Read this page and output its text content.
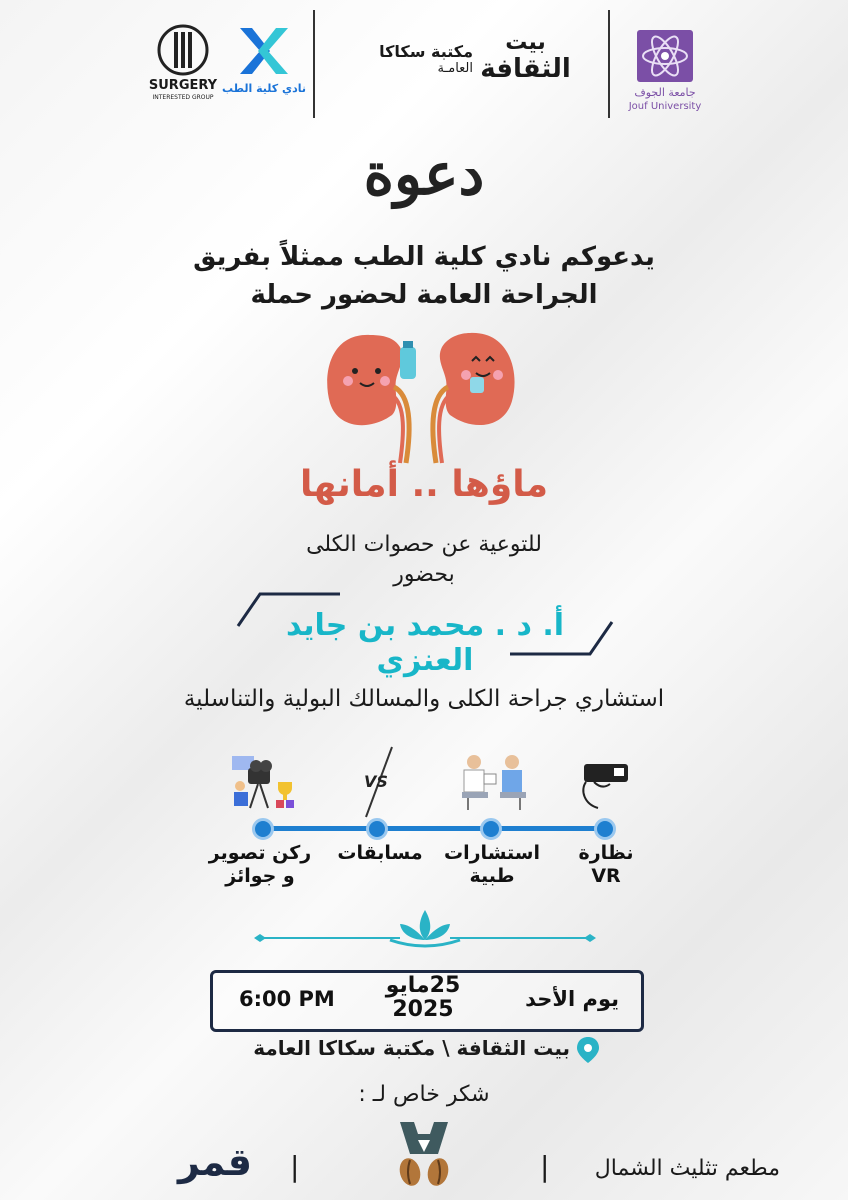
SURGERY
INTERESTED GROUP
نادي كلية الطب
مكتبة سكاكا
العامـة
بيت
الثقافة
جامعة الجوف
Jouf University
دعوة
يدعوكم نادي كلية الطب ممثلاً بفريق
الجراحة العامة لحضور حملة
ماؤها .. أمانها
للتوعية عن حصوات الكلى
بحضور
أ. د . محمد بن جايد العنزي
استشاري جراحة الكلى والمسالك البولية والتناسلية
VS
ركن تصوير
و جوائز
مسابقات	استشارات
طبية
نظارة
VR
6:00 PM
25مايو
2025	يوم الأحد
بيت الثقافة \ مكتبة سكاكا العامة
شكر خاص لـ :
مطعم تثليث الشمال
|
|
قمر
